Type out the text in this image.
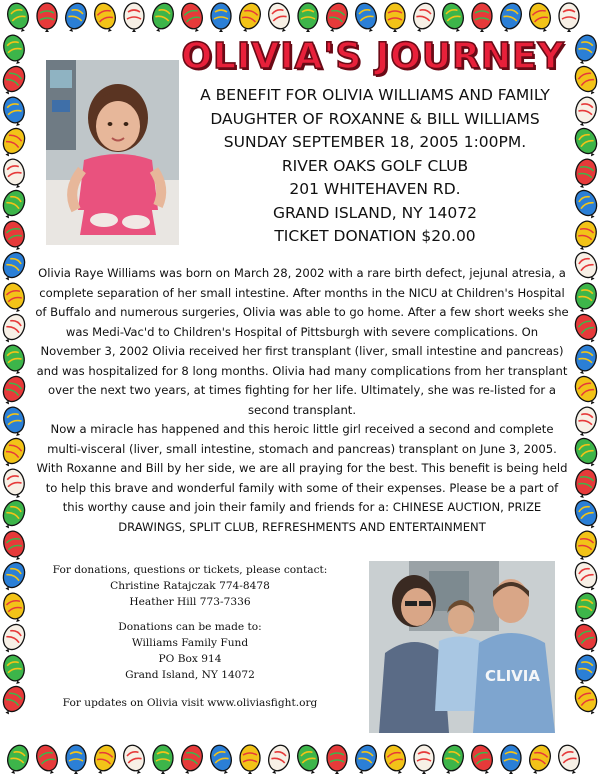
OLIVIA'S JOURNEY
A BENEFIT FOR OLIVIA WILLIAMS AND FAMILY
DAUGHTER OF ROXANNE & BILL WILLIAMS
SUNDAY SEPTEMBER 18, 2005 1:00PM.
RIVER OAKS GOLF CLUB
201 WHITEHAVEN RD.
GRAND ISLAND, NY 14072
TICKET DONATION $20.00

Olivia Raye Williams was born on March 28, 2002 with a rare birth defect, jejunal atresia, a complete separation of her small intestine. After months in the NICU at Children's Hospital of Buffalo and numerous surgeries, Olivia was able to go home. After a few short weeks she was Medi-Vac'd to Children's Hospital of Pittsburgh with severe complications. On November 3, 2002 Olivia received her first transplant (liver, small intestine and pancreas) and was hospitalized for 8 long months. Olivia had many complications from her transplant over the next two years, at times fighting for her life. Ultimately, she was re-listed for a second transplant.

Now a miracle has happened and this heroic little girl received a second and complete multi-visceral (liver, small intestine, stomach and pancreas) transplant on June 3, 2005. With Roxanne and Bill by her side, we are all praying for the best. This benefit is being held to help this brave and wonderful family with some of their expenses. Please be a part of this worthy cause and join their family and friends for a: CHINESE AUCTION, PRIZE DRAWINGS, SPLIT CLUB, REFRESHMENTS AND ENTERTAINMENT

For donations, questions or tickets, please contact:

Christine Ratajczak 774-8478

Heather Hill 773-7336

Donations can be made to:

Williams Family Fund

PO Box 914

Grand Island, NY 14072

For updates on Olivia visit www.oliviasfight.org
CLIVIA
